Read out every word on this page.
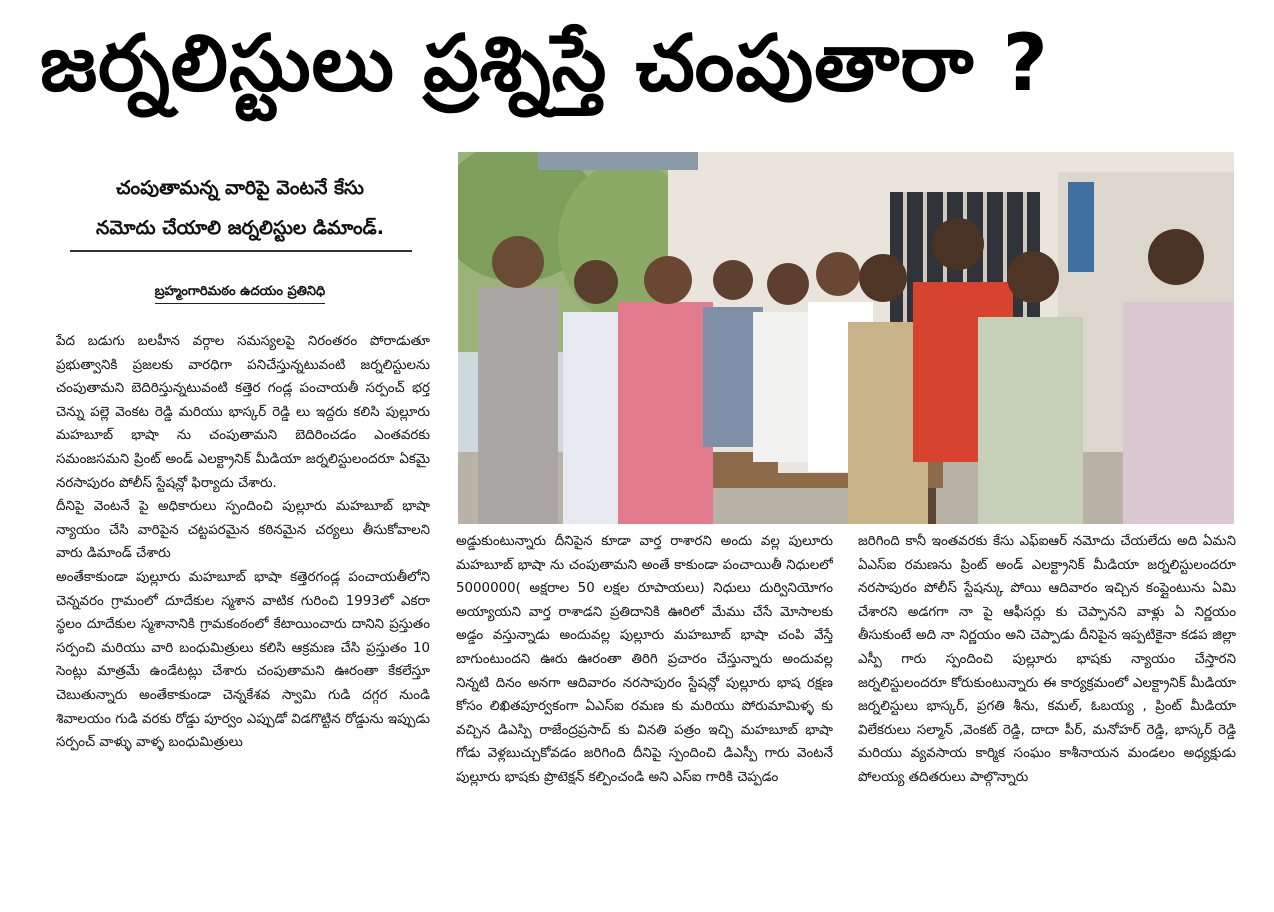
జర్నలిస్టులు ప్రశ్నిస్తే చంపుతారా ?
చంపుతామన్న వారిపై వెంటనే కేసు
నమోదు చేయాలి జర్నలిస్టుల డిమాండ్.
బ్రహ్మంగారిమఠం ఉదయం ప్రతినిధి

పేద బడుగు బలహీన వర్గాల సమస్యలపై నిరంతరం పోరాడుతూ ప్రభుత్వానికి ప్రజలకు వారధిగా పనిచేస్తున్నటువంటి జర్నలిస్టులను చంపుతామని బెదిరిస్తున్నటువంటి కత్తెర గండ్ల పంచాయతీ సర్పంచ్ భర్త చెన్ను పల్లె వెంకట రెడ్డి మరియు భాస్కర్ రెడ్డి లు ఇద్దరు కలిసి పుల్లూరు మహబూబ్ భాషా ను చంపుతామని బెదిరించడం ఎంతవరకు సమంజసమని ప్రింట్ అండ్ ఎలక్ట్రానిక్ మీడియా జర్నలిస్టులందరూ ఏకమై నరసాపురం పోలీస్ స్టేషన్లో ఫిర్యాదు చేశారు.

దీనిపై వెంటనే పై అధికారులు స్పందించి పుల్లూరు మహబూబ్ భాషా న్యాయం చేసి వారిపైన చట్టపరమైన కఠినమైన చర్యలు తీసుకోవాలని వారు డిమాండ్ చేశారు

అంతేకాకుండా పుల్లూరు మహబూబ్ భాషా కత్తెరగండ్ల పంచాయతీలోని చెన్నవరం గ్రామంలో దూదేకుల స్మశాన వాటిక గురించి 1993లో ఎకరా స్థలం దూదేకుల స్మశానానికి గ్రామకంఠంలో కేటాయించారు దానిని ప్రస్తుతం సర్పంచి మరియు వారి బంధుమిత్రులు కలిసి ఆక్రమణ చేసి ప్రస్తుతం 10 సెంట్లు మాత్రమే ఉండేటట్లు చేశారు చంపుతామని ఊరంతా కేకలేస్తూ చెబుతున్నారు అంతేకాకుండా చెన్నకేశవ స్వామి గుడి దగ్గర నుండి శివాలయం గుడి వరకు రోడ్డు పూర్వం ఎప్పుడో విడగొట్టిన రోడ్డును ఇప్పుడు సర్పంచ్ వాళ్ళు వాళ్ళ బంధుమిత్రులు

అడ్డుకుంటున్నారు దీనిపైన కూడా వార్త రాశారని అందు వల్ల పులూరు మహబూబ్ భాషా ను చంపుతామని అంతే కాకుండా పంచాయితీ నిధులలో 5000000( అక్షరాల 50 లక్షల రూపాయలు) నిధులు దుర్వినియోగం అయ్యాయని వార్త రాశాడని ప్రతిదానికి ఊరిలో మేము చేసే మోసాలకు అడ్డం వస్తున్నాడు అందువల్ల పుల్లూరు మహబూబ్ భాషా చంపి వేస్తే బాగుంటుందని ఊరు ఊరంతా తిరిగి ప్రచారం చేస్తున్నారు అందువల్ల నిన్నటి దినం అనగా ఆదివారం నరసాపురం స్టేషన్లో పుల్లూరు భాష రక్షణ కోసం లిఖితపూర్వకంగా ఏఎస్ఐ రమణ కు మరియు పోరుమామిళ్ళ కు వచ్చిన డిఎస్పి రాజేంద్రప్రసాద్ కు వినతి పత్రం ఇచ్చి మహబూబ్ భాషా గోడు వెళ్లబుచ్చుకోవడం జరిగింది దీనిపై స్పందించి డిఎస్పీ గారు వెంటనే పుల్లూరు భాషకు ప్రొటెక్షన్ కల్పించండి అని ఎస్ఐ గారికి చెప్పడం

జరిగింది కానీ ఇంతవరకు కేసు ఎఫ్ఐఆర్ నమోదు చేయలేదు అది ఏమని ఏఎస్ఐ రమణను ప్రింట్ అండ్ ఎలక్ట్రానిక్ మీడియా జర్నలిస్టులందరూ నరసాపురం పోలీస్ స్టేషన్కు పోయి ఆదివారం ఇచ్చిన కంప్లైంటును ఏమి చేశారని అడగగా నా పై ఆఫీసర్లు కు చెప్పానని వాళ్లు ఏ నిర్ణయం తీసుకుంటే అది నా నిర్ణయం అని చెప్పాడు దీనిపైన ఇప్పటికైనా కడప జిల్లా ఎస్పీ గారు స్పందించి పుల్లూరు భాషకు న్యాయం చేస్తారని జర్నలిస్టులందరూ కోరుకుంటున్నారు ఈ కార్యక్రమంలో ఎలక్ట్రానిక్ మీడియా జర్నలిస్టులు భాస్కర్, ప్రగతి శీను, కమల్, ఓబయ్య , ప్రింట్ మీడియా విలేకరులు సల్మాన్ ,వెంకట్ రెడ్డి, దాదా పీర్, మనోహర్ రెడ్డి, భాస్కర్ రెడ్డి మరియు వ్యవసాయ కార్మిక సంఘం కాశీనాయన మండలం అధ్యక్షుడు పోలయ్య తదితరులు పాల్గొన్నారు
